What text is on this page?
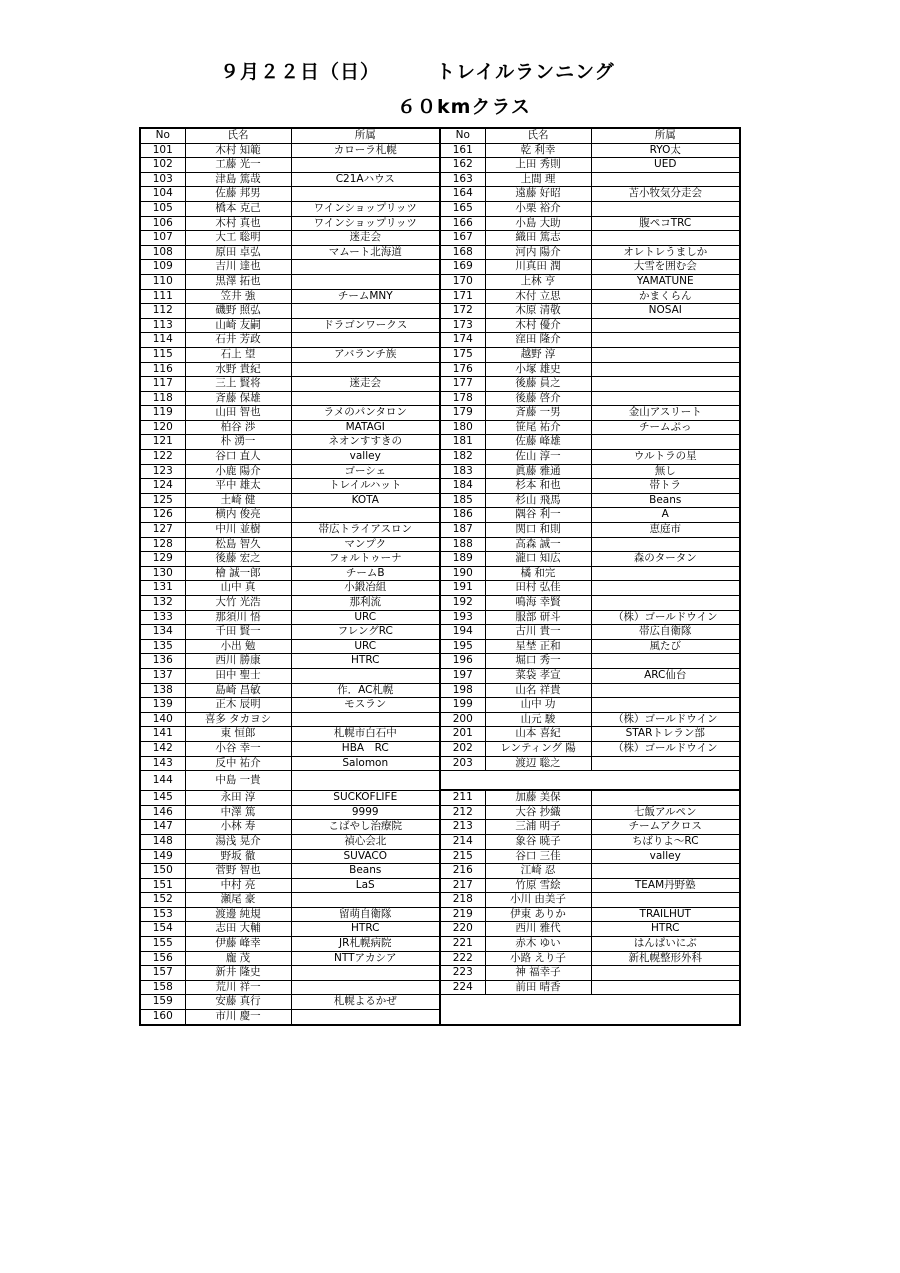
９月２２日（日）	トレイルランニング
６０kmクラス
No	氏名	所属	No	氏名	所属
101	木村 知範	カローラ札幌	161	乾 利幸	RYO太
102	工藤 光一		162	上田 秀則	UED
103	津島 篤哉	C21Aハウス	163	上間 理	
104	佐藤 邦男		164	遠藤 好昭	苫小牧気分走会
105	橋本 克己	ワインショップリッツ	165	小栗 裕介	
106	木村 真也	ワインショップリッツ	166	小島 大助	腹ペコTRC
107	大工 聡明	迷走会	167	織田 篤志	
108	原田 卓弘	マムート北海道	168	河内 陽介	オレトレうましか
109	吉川 達也		169	川真田 潤	大雪を囲む会
110	黒澤 拓也		170	上林 亨	YAMATUNE
111	笠井 強	チームMNY	171	木付 立思	かまくらん
112	磯野 照弘		172	木原 清敬	NOSAI
113	山崎 友嗣	ドラゴンワークス	173	木村 優介	
114	石井 芳政		174	窪田 隆介	
115	石上 望	アバランチ族	175	越野 淳	
116	水野 貴紀		176	小塚 雄史	
117	三上 賢将	迷走会	177	後藤 員之	
118	斉藤 保雄		178	後藤 啓介	
119	山田 智也	ラメのパンタロン	179	斉藤 一男	金山アスリート
120	柏谷 渉	MATAGI	180	笹尾 祐介	チームぷっ
121	朴 湧一	ネオンすすきの	181	佐藤 峰雄	
122	谷口 直人	valley	182	佐山 淳一	ウルトラの星
123	小鹿 陽介	ゴーシェ	183	眞藤 雅通	無し
124	平中 雄太	トレイルハット	184	杉本 和也	帯トラ
125	土崎 健	KOTA	185	杉山 飛馬	Beans
126	横内 俊亮		186	隅谷 利一	A
127	中川 並樹	帯広トライアスロン	187	関口 和則	恵庭市
128	松島 智久	マンプク	188	高森 誠一	
129	後藤 宏之	フォルトゥーナ	189	瀧口 知広	森のタータン
130	檜 誠一郎	チームB	190	橘 和完	
131	山中 真	小鍛冶組	191	田村 弘佳	
132	大竹 光浩	那利流	192	鳴海 幸賢	
133	那須川 悟	URC	193	服部 研斗	（株）ゴールドウイン
134	千田 賢一	フレングRC	194	古川 貴一	帯広自衛隊
135	小出 勉	URC	195	星埜 正和	風たび
136	西川 勝康	HTRC	196	堀口 秀一	
137	田中 聖士		197	菜袋 孝宣	ARC仙台
138	島崎 昌敏	作．AC札幌	198	山名 祥貴	
139	正木 辰明	モスラン	199	山中 功	
140	喜多 タカヨシ		200	山元 駿	（株）ゴールドウイン
141	東 恒郎	札幌市白石中	201	山本 喜紀	STARトレラン部
142	小谷 幸一	HBA　RC	202	レンティング 陽	（株）ゴールドウイン
143	反中 祐介	Salomon	203	渡辺 聡之	
144	中島 一貴				
145	永田 淳	SUCKOFLIFE	211	加藤 美保	
146	中澤 篤	9999	212	大谷 抄織	七飯アルペン
147	小林 寿	こばやし治療院	213	三浦 明子	チームアクロス
148	湯浅 晃介	禎心会北	214	象谷 暁子	ちばりよ～RC
149	野坂 徹	SUVACO	215	谷口 三佳	valley
150	菅野 智也	Beans	216	江崎 忍	
151	中村 亮	LaS	217	竹原 雪絵	TEAM丹野塾
152	瀬尾 豪		218	小川 由美子	
153	渡邊 純規	留萌自衛隊	219	伊東 ありか	TRAILHUT
154	志田 大輔	HTRC	220	西川 雅代	HTRC
155	伊藤 峰幸	JR札幌病院	221	赤木 ゆい	はんぱいにぶ
156	龐 茂	NTTアカシア	222	小路 えり子	新札幌整形外科
157	新井 隆史		223	神 福幸子	
158	荒川 祥一		224	前田 晴香	
159	安藤 真行	札幌よるかぜ			
160	市川 慶一				
